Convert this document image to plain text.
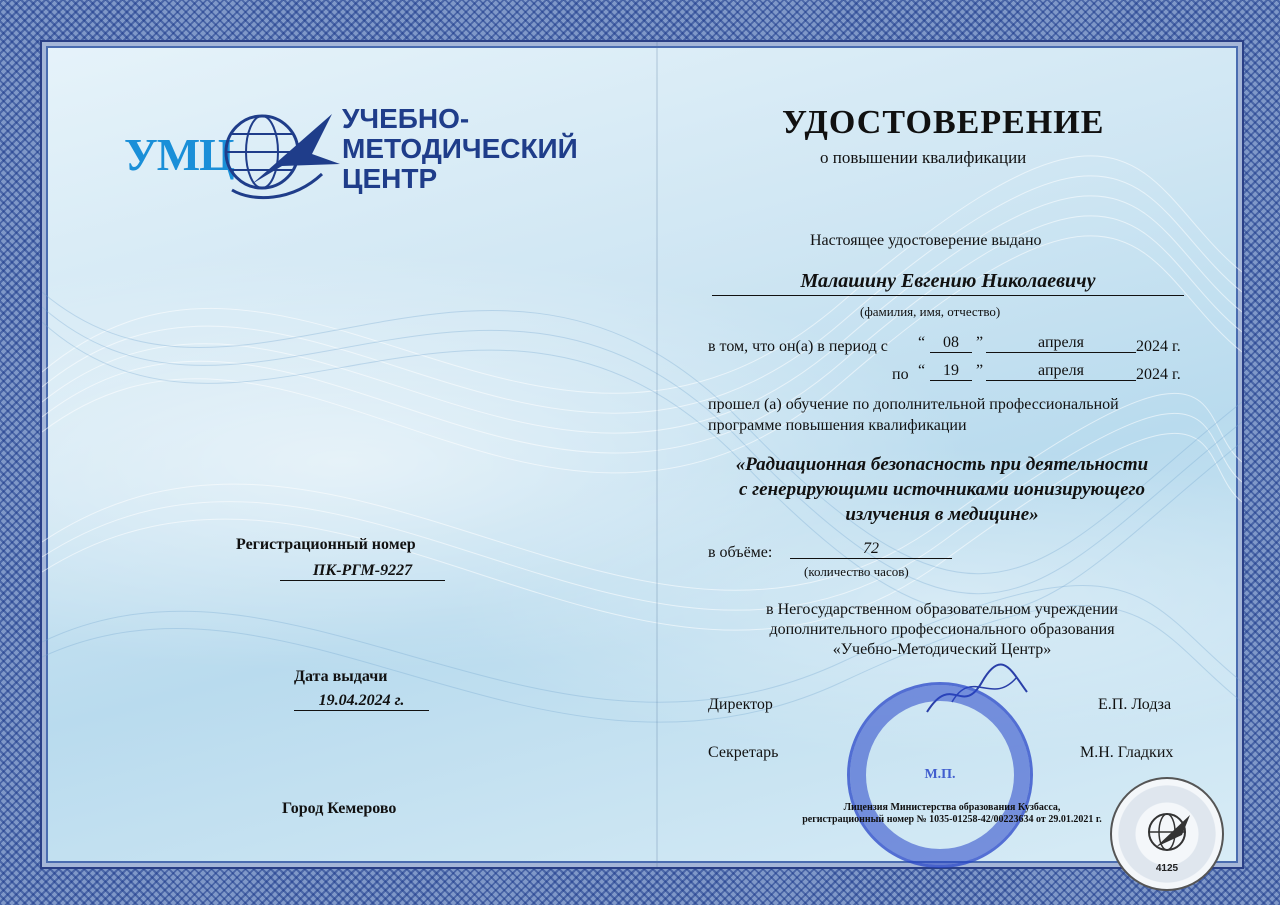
УМЦ
УЧЕБНО-
МЕТОДИЧЕСКИЙ
ЦЕНТР
УДОСТОВЕРЕНИЕ
о повышении квалификации
Настоящее удостоверение выдано
Малашину Евгению Николаевичу
(фамилия, имя, отчество)
в том, что он(а) в период с “	08	”	апреля	2024 г.
по “	19	”	апреля	2024 г.
прошел (а) обучение по дополнительной профессиональной
программе повышения квалификации
«Радиационная безопасность при деятельности
с генерирующими источниками ионизирующего
излучения в медицине»
в объёме:	72
(количество часов)
в Негосударственном образовательном учреждении
дополнительного профессионального образования
«Учебно-Методический Центр»
Директор	Е.П. Лодза
Секретарь	М.Н. Гладких
М.П.
Лицензия Министерства образования Кузбасса,
регистрационный номер № 1035-01258-42/00223634 от 29.01.2021 г.
4125
Регистрационный номер
ПК-РГМ-9227
Дата выдачи
19.04.2024 г.
Город Кемерово
